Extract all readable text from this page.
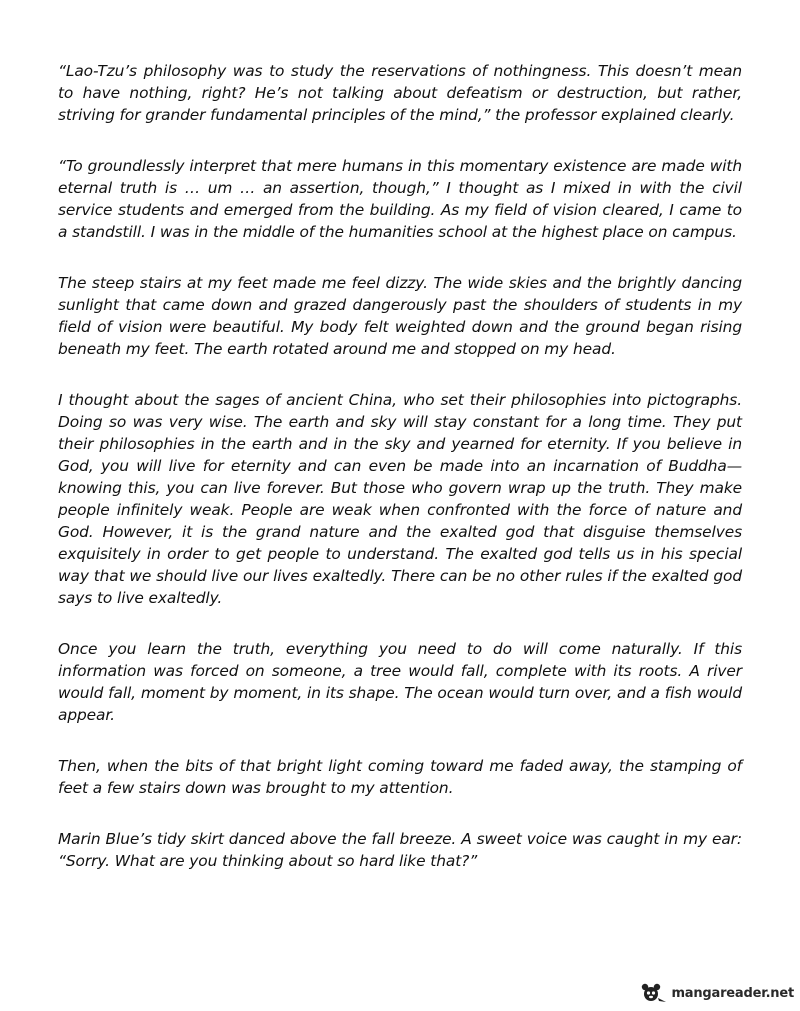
“Lao-Tzu’s philosophy was to study the reservations of nothingness. This doesn’t mean to have nothing, right? He’s not talking about defeatism or destruction, but rather, striving for grander fundamental principles of the mind,” the professor explained clearly.

“To groundlessly interpret that mere humans in this momentary existence are made with eternal truth is … um … an assertion, though,” I thought as I mixed in with the civil service students and emerged from the building. As my field of vision cleared, I came to a standstill. I was in the middle of the humanities school at the highest place on campus.

The steep stairs at my feet made me feel dizzy. The wide skies and the brightly dancing sunlight that came down and grazed dangerously past the shoulders of students in my field of vision were beautiful. My body felt weighted down and the ground began rising beneath my feet. The earth rotated around me and stopped on my head.

I thought about the sages of ancient China, who set their philosophies into pictographs. Doing so was very wise. The earth and sky will stay constant for a long time. They put their philosophies in the earth and in the sky and yearned for eternity. If you believe in God, you will live for eternity and can even be made into an incarnation of Buddha—knowing this, you can live forever. But those who govern wrap up the truth. They make people infinitely weak. People are weak when confronted with the force of nature and God. However, it is the grand nature and the exalted god that disguise themselves exquisitely in order to get people to understand. The exalted god tells us in his special way that we should live our lives exaltedly. There can be no other rules if the exalted god says to live exaltedly.

Once you learn the truth, everything you need to do will come naturally. If this information was forced on someone, a tree would fall, complete with its roots. A river would fall, moment by moment, in its shape. The ocean would turn over, and a fish would appear.

Then, when the bits of that bright light coming toward me faded away, the stamping of feet a few stairs down was brought to my attention.

Marin Blue’s tidy skirt danced above the fall breeze. A sweet voice was caught in my ear: “Sorry. What are you thinking about so hard like that?”

mangareader.net
